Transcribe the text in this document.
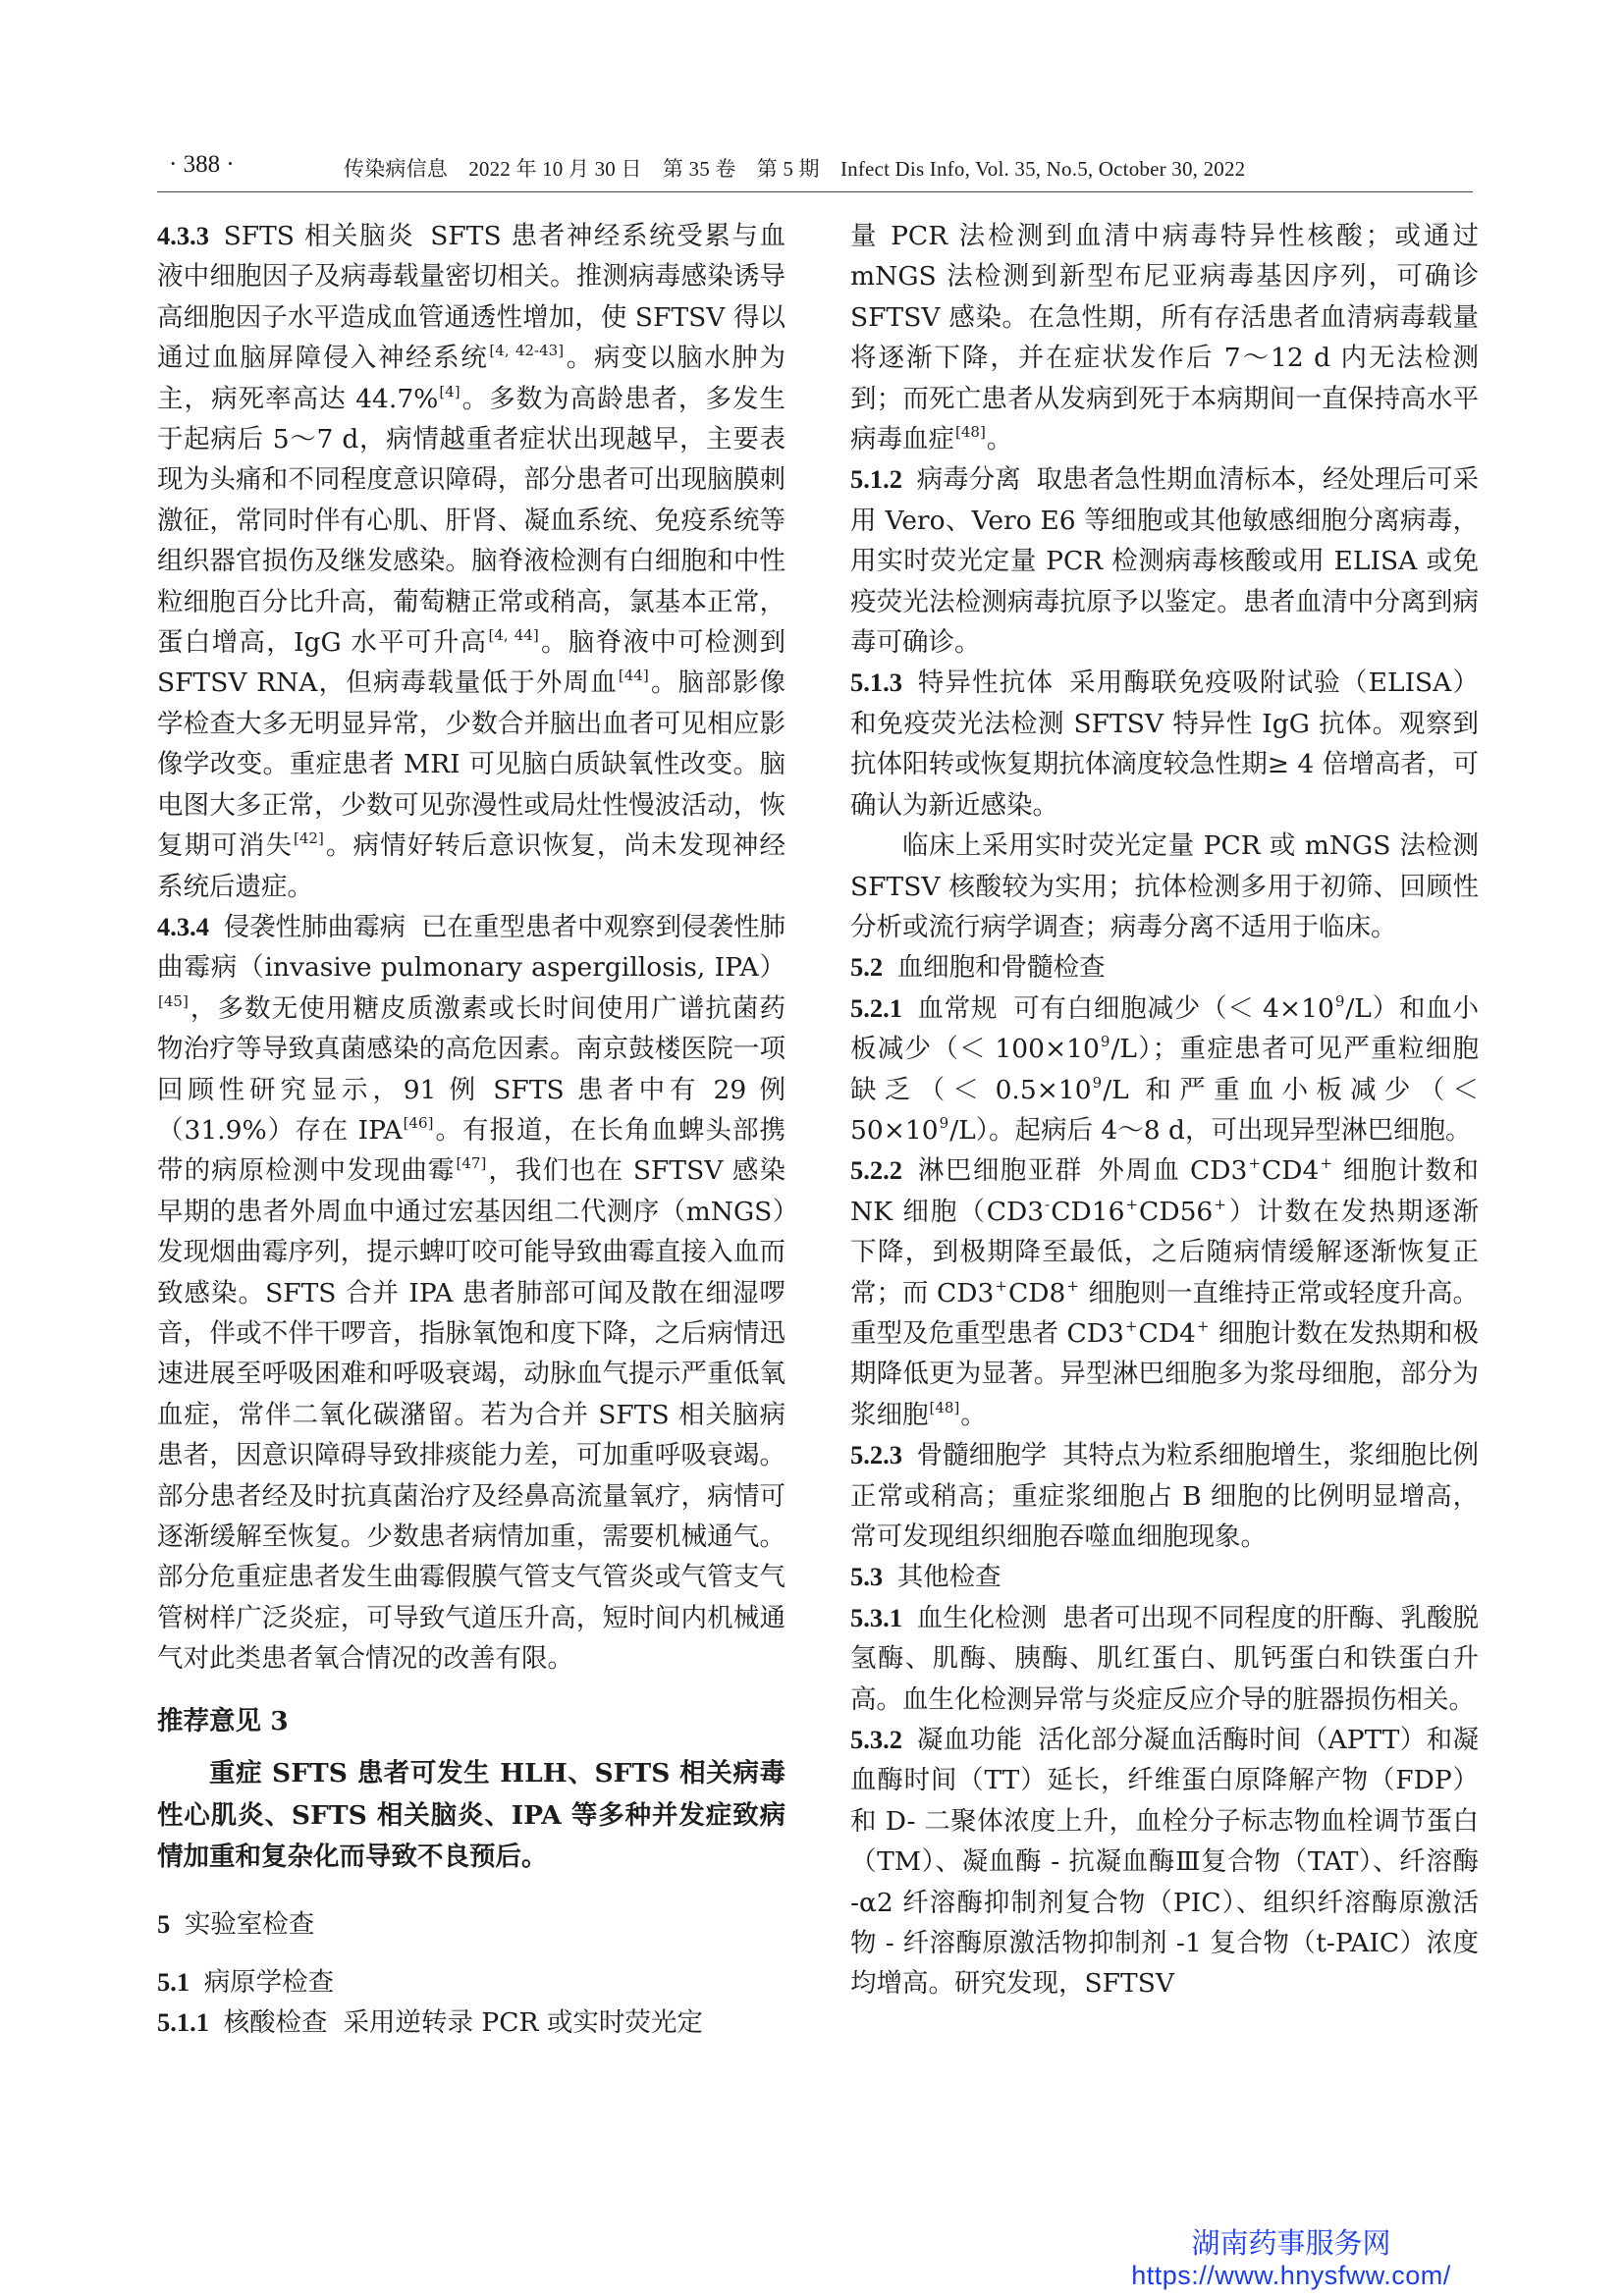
· 388 ·	传染病信息　2022 年 10 月 30 日　第 35 卷　第 5 期　Infect Dis Info, Vol. 35, No.5, October 30, 2022

4.3.3 SFTS 相关脑炎 SFTS 患者神经系统受累与血液中细胞因子及病毒载量密切相关。推测病毒感染诱导高细胞因子水平造成血管通透性增加，使 SFTSV 得以通过血脑屏障侵入神经系统[4, 42-43]。病变以脑水肿为主，病死率高达 44.7%[4]。多数为高龄患者，多发生于起病后 5～7 d，病情越重者症状出现越早，主要表现为头痛和不同程度意识障碍，部分患者可出现脑膜刺激征，常同时伴有心肌、肝肾、凝血系统、免疫系统等组织器官损伤及继发感染。脑脊液检测有白细胞和中性粒细胞百分比升高，葡萄糖正常或稍高，氯基本正常，蛋白增高，IgG 水平可升高[4, 44]。脑脊液中可检测到 SFTSV RNA，但病毒载量低于外周血[44]。脑部影像学检查大多无明显异常，少数合并脑出血者可见相应影像学改变。重症患者 MRI 可见脑白质缺氧性改变。脑电图大多正常，少数可见弥漫性或局灶性慢波活动，恢复期可消失[42]。病情好转后意识恢复，尚未发现神经系统后遗症。

4.3.4 侵袭性肺曲霉病 已在重型患者中观察到侵袭性肺曲霉病（invasive pulmonary aspergillosis, IPA）[45]，多数无使用糖皮质激素或长时间使用广谱抗菌药物治疗等导致真菌感染的高危因素。南京鼓楼医院一项回顾性研究显示，91 例 SFTS 患者中有 29 例（31.9%）存在 IPA[46]。有报道，在长角血蜱头部携带的病原检测中发现曲霉[47]，我们也在 SFTSV 感染早期的患者外周血中通过宏基因组二代测序（mNGS）发现烟曲霉序列，提示蜱叮咬可能导致曲霉直接入血而致感染。SFTS 合并 IPA 患者肺部可闻及散在细湿啰音，伴或不伴干啰音，指脉氧饱和度下降，之后病情迅速进展至呼吸困难和呼吸衰竭，动脉血气提示严重低氧血症，常伴二氧化碳潴留。若为合并 SFTS 相关脑病患者，因意识障碍导致排痰能力差，可加重呼吸衰竭。部分患者经及时抗真菌治疗及经鼻高流量氧疗，病情可逐渐缓解至恢复。少数患者病情加重，需要机械通气。部分危重症患者发生曲霉假膜气管支气管炎或气管支气管树样广泛炎症，可导致气道压升高，短时间内机械通气对此类患者氧合情况的改善有限。

推荐意见 3

重症 SFTS 患者可发生 HLH、SFTS 相关病毒性心肌炎、SFTS 相关脑炎、IPA 等多种并发症致病情加重和复杂化而导致不良预后。

5 实验室检查

5.1 病原学检查

5.1.1 核酸检查 采用逆转录 PCR 或实时荧光定

量 PCR 法检测到血清中病毒特异性核酸；或通过 mNGS 法检测到新型布尼亚病毒基因序列，可确诊 SFTSV 感染。在急性期，所有存活患者血清病毒载量将逐渐下降，并在症状发作后 7～12 d 内无法检测到；而死亡患者从发病到死于本病期间一直保持高水平病毒血症[48]。

5.1.2 病毒分离 取患者急性期血清标本，经处理后可采用 Vero、Vero E6 等细胞或其他敏感细胞分离病毒，用实时荧光定量 PCR 检测病毒核酸或用 ELISA 或免疫荧光法检测病毒抗原予以鉴定。患者血清中分离到病毒可确诊。

5.1.3 特异性抗体 采用酶联免疫吸附试验（ELISA）和免疫荧光法检测 SFTSV 特异性 IgG 抗体。观察到抗体阳转或恢复期抗体滴度较急性期≥ 4 倍增高者，可确认为新近感染。

临床上采用实时荧光定量 PCR 或 mNGS 法检测 SFTSV 核酸较为实用；抗体检测多用于初筛、回顾性分析或流行病学调查；病毒分离不适用于临床。

5.2 血细胞和骨髓检查

5.2.1 血常规 可有白细胞减少（＜ 4×10$^9$/L）和血小板减少（＜ 100×10$^9$/L）；重症患者可见严重粒细胞缺乏（＜ 0.5×10$^9$/L 和严重血小板减少（＜ 50×10$^9$/L）。起病后 4～8 d，可出现异型淋巴细胞。

5.2.2 淋巴细胞亚群 外周血 CD3+CD4+ 细胞计数和 NK 细胞（CD3-CD16+CD56+）计数在发热期逐渐下降，到极期降至最低，之后随病情缓解逐渐恢复正常；而 CD3+CD8+ 细胞则一直维持正常或轻度升高。重型及危重型患者 CD3+CD4+ 细胞计数在发热期和极期降低更为显著。异型淋巴细胞多为浆母细胞，部分为浆细胞[48]。

5.2.3 骨髓细胞学 其特点为粒系细胞增生，浆细胞比例正常或稍高；重症浆细胞占 B 细胞的比例明显增高，常可发现组织细胞吞噬血细胞现象。

5.3 其他检查

5.3.1 血生化检测 患者可出现不同程度的肝酶、乳酸脱氢酶、肌酶、胰酶、肌红蛋白、肌钙蛋白和铁蛋白升高。血生化检测异常与炎症反应介导的脏器损伤相关。

5.3.2 凝血功能 活化部分凝血活酶时间（APTT）和凝血酶时间（TT）延长，纤维蛋白原降解产物（FDP）和 D- 二聚体浓度上升，血栓分子标志物血栓调节蛋白（TM）、凝血酶 - 抗凝血酶Ⅲ复合物（TAT）、纤溶酶 -α2 纤溶酶抑制剂复合物（PIC）、组织纤溶酶原激活物 - 纤溶酶原激活物抑制剂 -1 复合物（t-PAIC）浓度均增高。研究发现，SFTSV

湖南药事服务网
https://www.hnysfww.com/
